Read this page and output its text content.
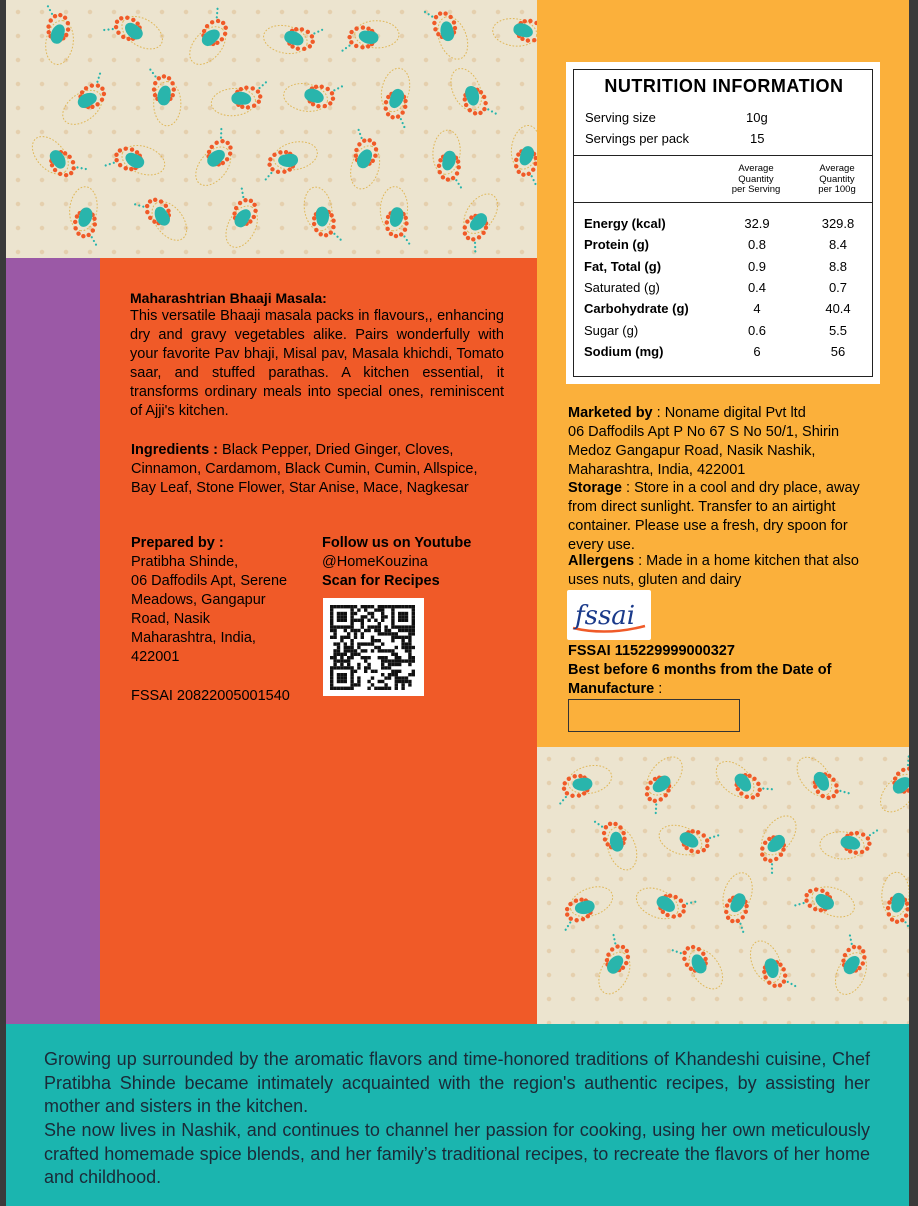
Maharashtrian Bhaaji Masala:
This versatile Bhaaji masala packs in flavours,, enhancing dry and gravy vegetables alike. Pairs wonderfully with your favorite Pav bhaji, Misal pav, Masala khichdi, Tomato saar, and stuffed parathas. A kitchen essential, it transforms ordinary meals into special ones, reminiscent of Ajji's kitchen.
Ingredients : Black Pepper, Dried Ginger, Cloves, Cinnamon, Cardamom, Black Cumin, Cumin, Allspice, Bay Leaf, Stone Flower, Star Anise, Mace, Nagkesar
Prepared by :
Pratibha Shinde,
06 Daffodils Apt, Serene
Meadows, Gangapur
Road, Nasik
Maharashtra, India,
422001
FSSAI 20822005001540
Follow us on Youtube
@HomeKouzina
Scan for Recipes
NUTRITION INFORMATION
Serving size	10g
Servings per pack	15
Average
Quantity
per Serving
Average
Quantity
per 100g
Energy (kcal)	32.9	329.8
Protein (g)	0.8	8.4
Fat, Total (g)	0.9	8.8
Saturated (g)	0.4	0.7
Carbohydrate (g)	4	40.4
Sugar (g)	0.6	5.5
Sodium (mg)	6	56
Marketed by : Noname digital Pvt ltd
06 Daffodils Apt P No 67 S No 50/1, Shirin
Medoz Gangapur Road, Nasik Nashik,
Maharashtra, India, 422001
Storage : Store in a cool and dry place, away from direct sunlight. Transfer to an airtight container. Please use a fresh, dry spoon for every use.
Allergens : Made in a home kitchen that also uses nuts, gluten and dairy
fssai
FSSAI 115229999000327
Best before 6 months from the Date of Manufacture :
Growing up surrounded by the aromatic flavors and time-honored traditions of Khandeshi cuisine, Chef Pratibha Shinde became intimately acquainted with the region's authentic recipes, by assisting her mother and sisters in the kitchen.
She now lives in Nashik, and continues to channel her passion for cooking, using her own meticulously crafted homemade spice blends, and her family’s traditional recipes, to recreate the flavors of her home and childhood.
